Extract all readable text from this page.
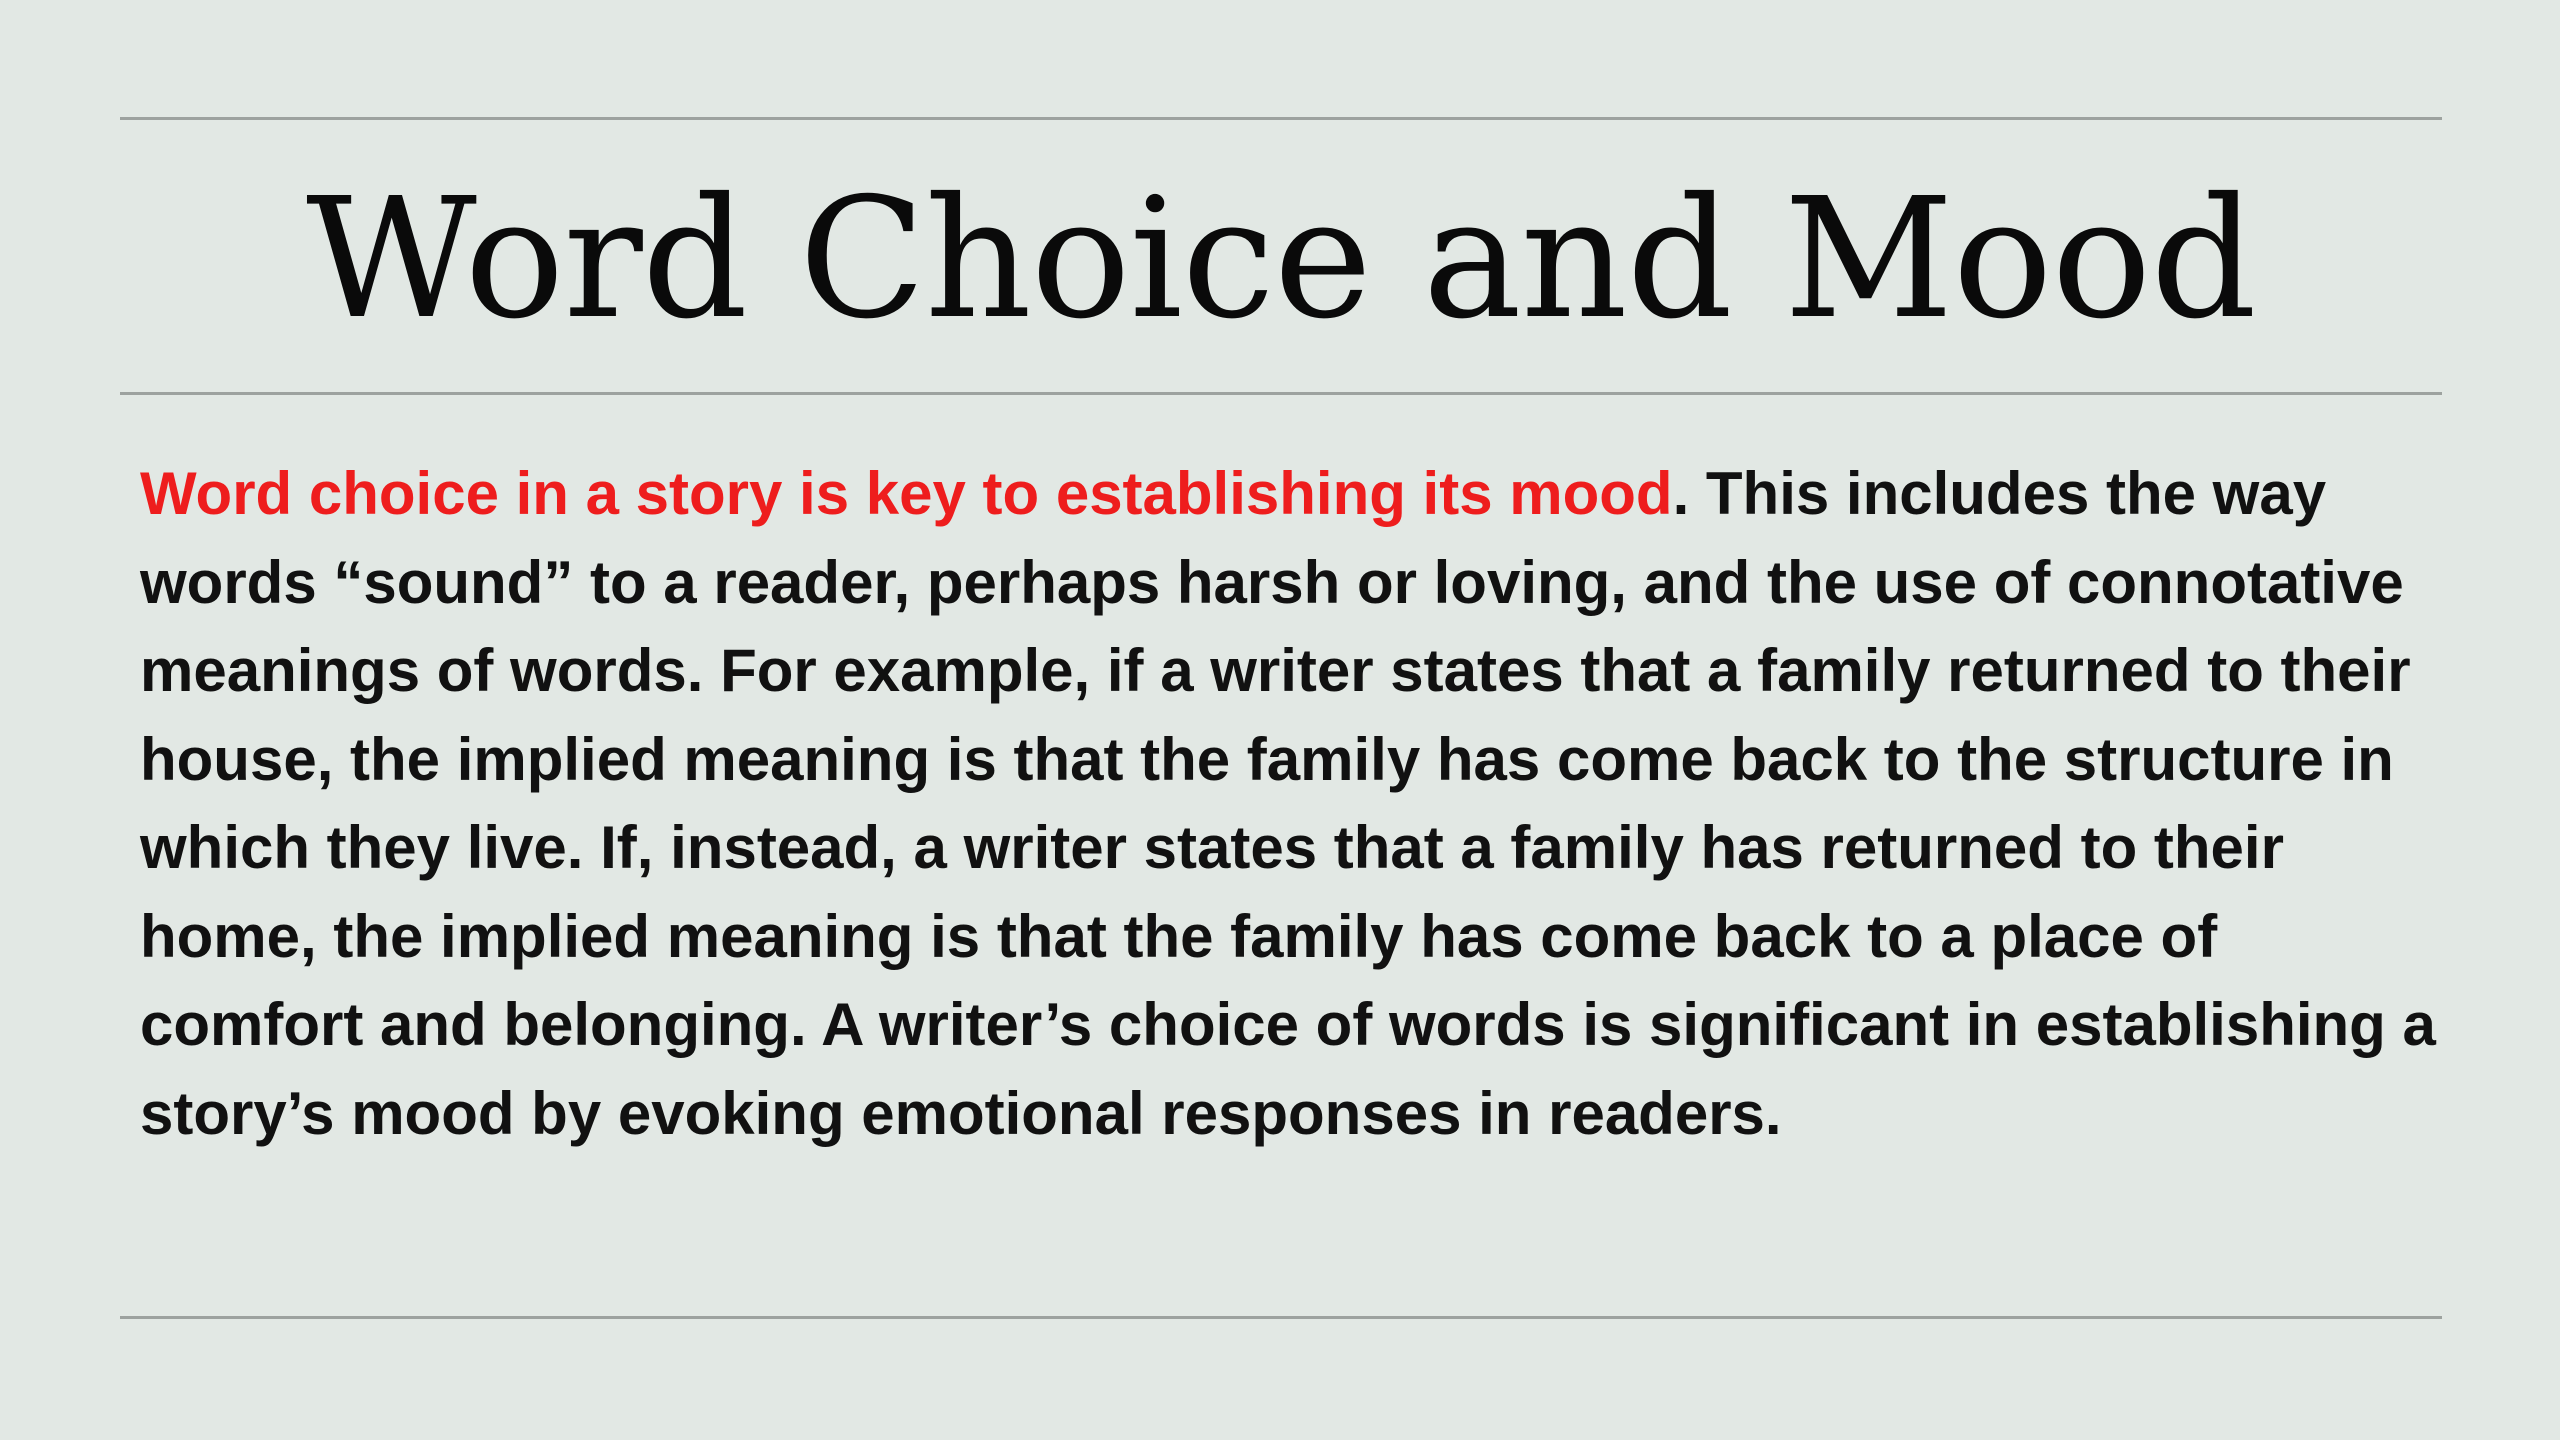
Word Choice and Mood

Word choice in a story is key to establishing its mood. This includes the way words “sound” to a reader, perhaps harsh or loving, and the use of connotative meanings of words. For example, if a writer states that a family returned to their house, the implied meaning is that the family has come back to the structure in which they live. If, instead, a writer states that a family has returned to their home, the implied meaning is that the family has come back to a place of comfort and belonging. A writer’s choice of words is significant in establishing a story’s mood by evoking emotional responses in readers.
